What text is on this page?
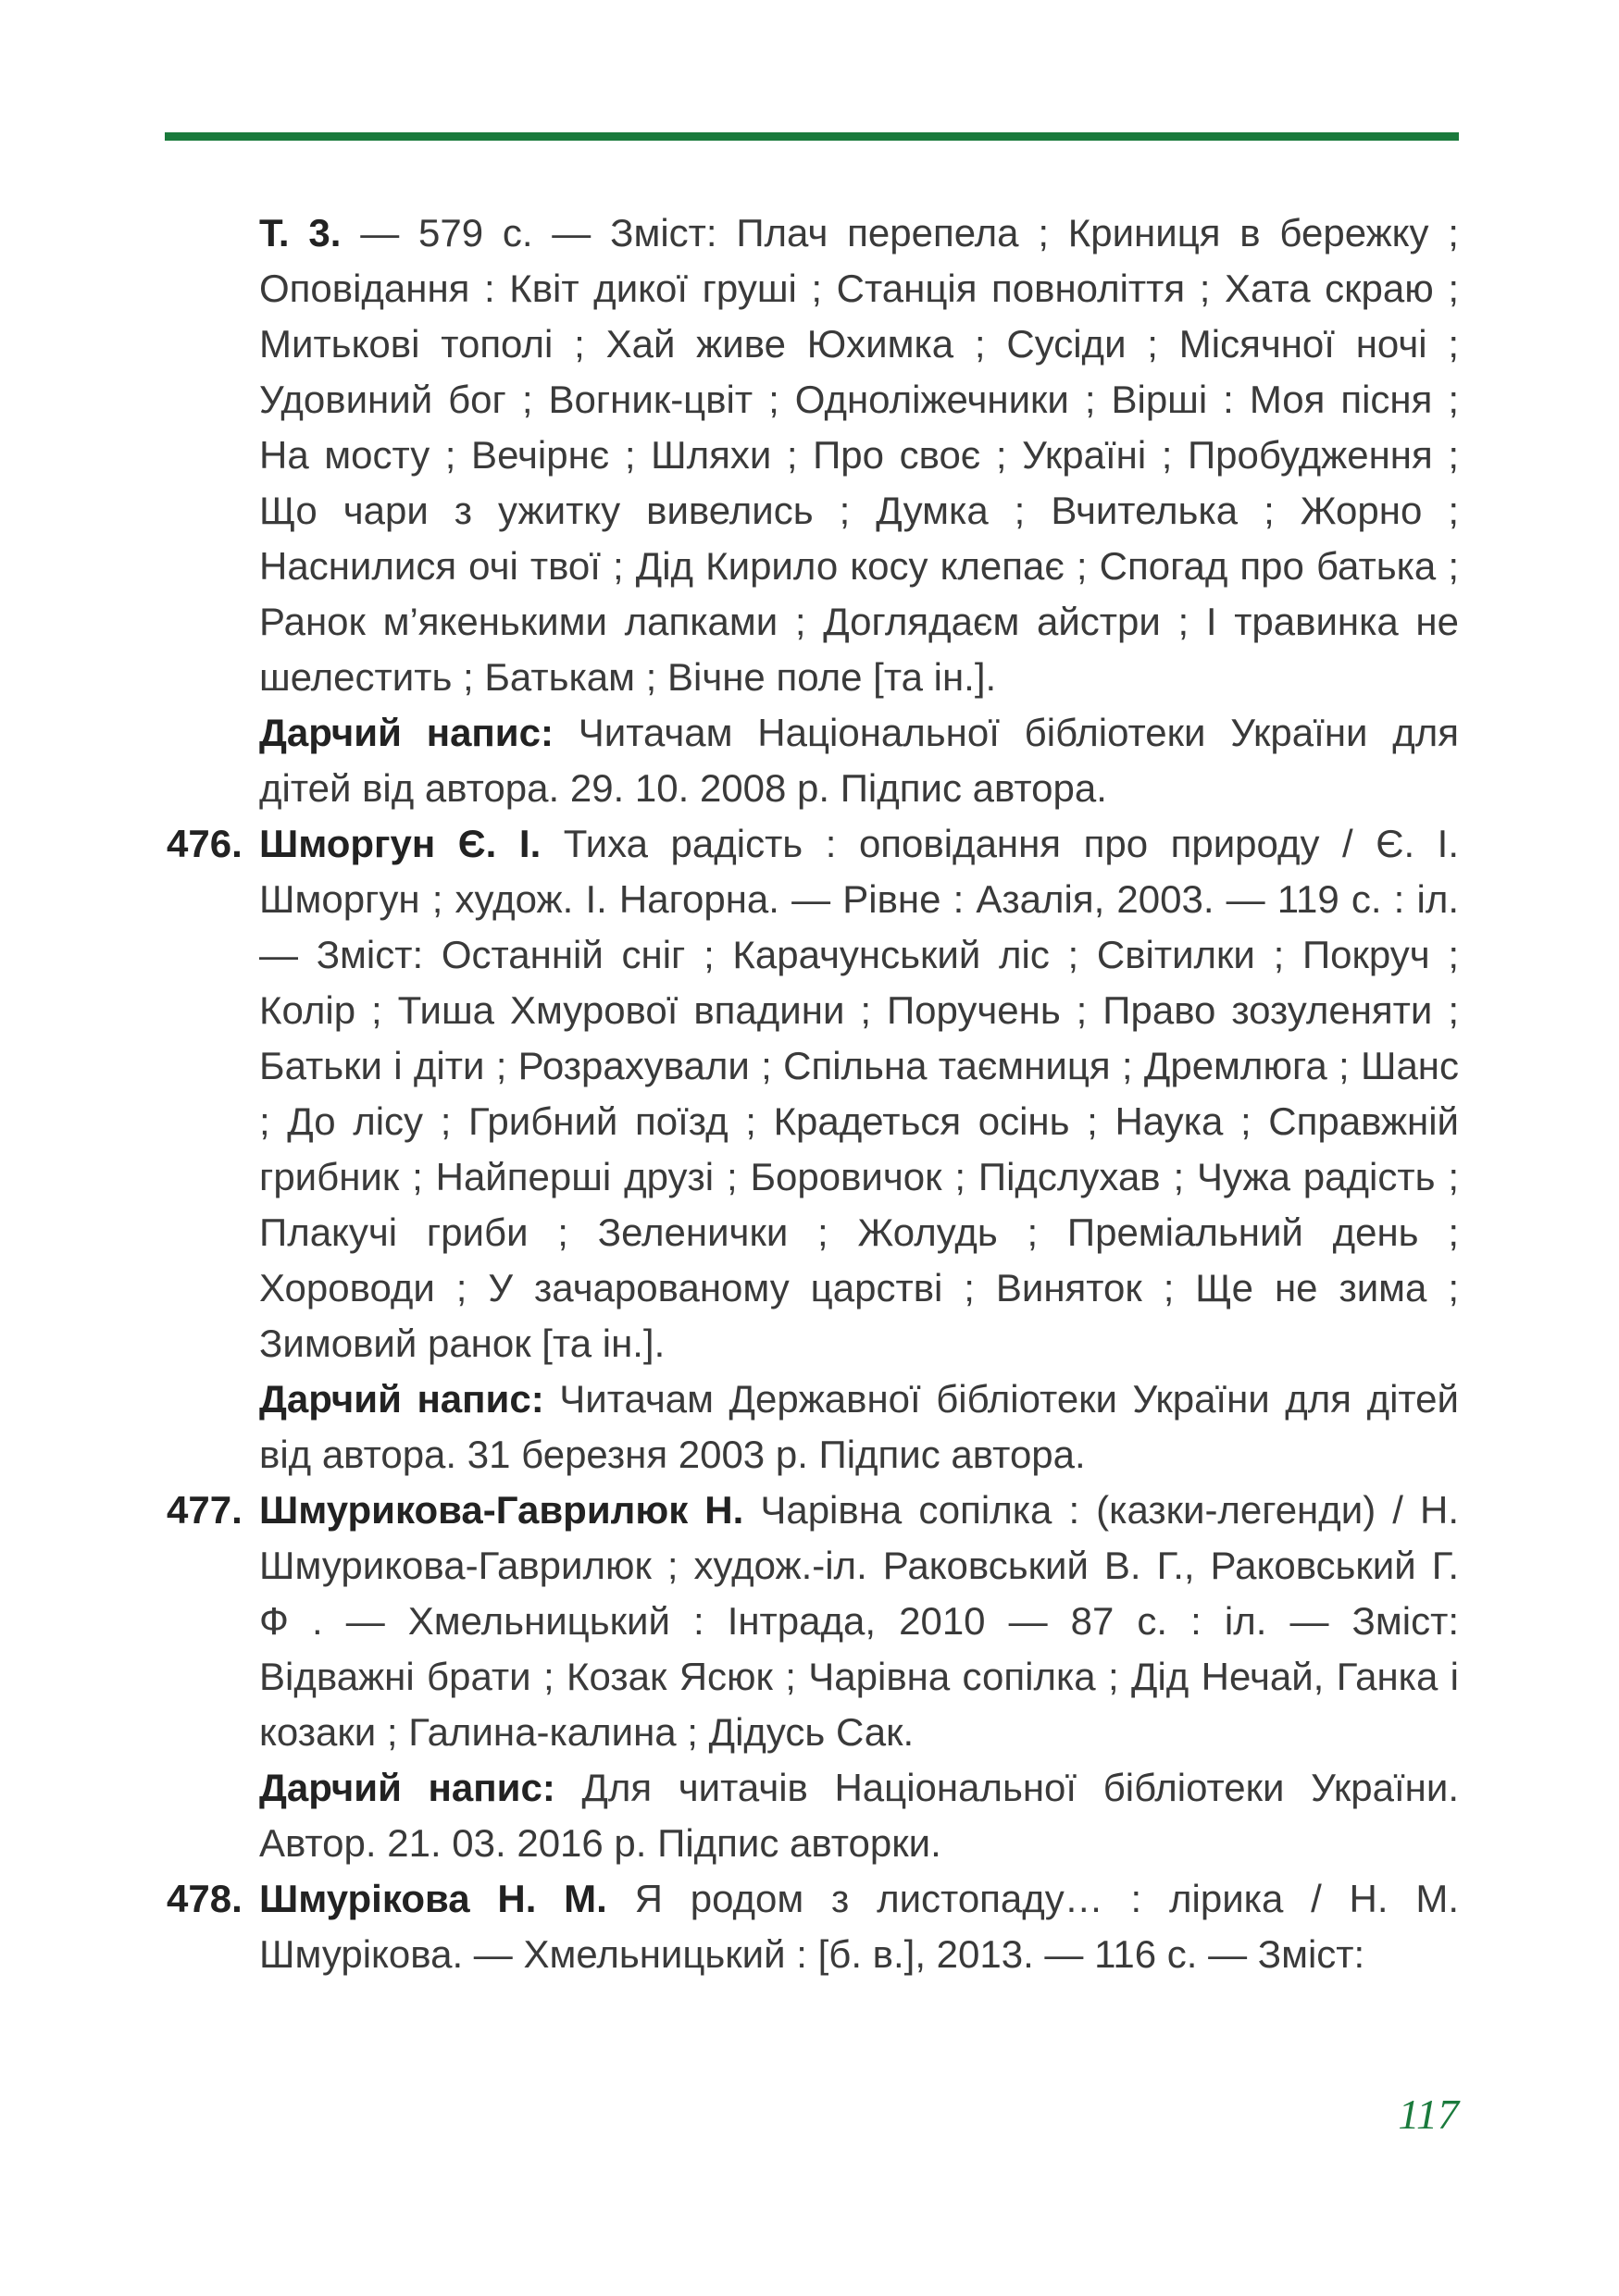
Т. 3. — 579 с. — Зміст: Плач перепела ; Криниця в бережку ; Оповідання : Квіт дикої груші ; Станція повноліття ; Хата скраю ; Митькові тополі ; Хай живе Юхимка ; Сусіди ; Місячної ночі ; Удовиний бог ; Вогник-цвіт ; Одноліжечники ; Вірші : Моя пісня ; На мосту ; Вечірнє ; Шляхи ; Про своє ; Україні ; Пробудження ; Що чари з ужитку вивелись ; Думка ; Вчителька ; Жорно ; Наснилися очі твої ; Дід Кирило косу клепає ; Спогад про батька ; Ранок м’якенькими лапками ; Доглядаєм айстри ; І травинка не шелестить ; Батькам ; Вічне поле [та ін.].

Дарчий напис: Читачам Національної бібліотеки України для дітей від автора. 29. 10. 2008 р. Підпис автора.

476. Шморгун Є. І. Тиха радість : оповідання про природу / Є. І. Шморгун ; худож. І. Нагорна. — Рівне : Азалія, 2003. — 119 с. : іл. — Зміст: Останній сніг ; Карачунський ліс ; Світилки ; Покруч ; Колір ; Тиша Хмурової впадини ; Поручень ; Право зозуленяти ; Батьки і діти ; Розрахували ; Спільна таємниця ; Дремлюга ; Шанс ; До лісу ; Грибний поїзд ; Крадеться осінь ; Наука ; Справжній грибник ; Найперші друзі ; Боровичок ; Підслухав ; Чужа радість ; Плакучі гриби ; Зеленички ; Жолудь ; Преміальний день ; Хороводи ; У зачарованому царстві ; Виняток ; Ще не зима ; Зимовий ранок [та ін.].

Дарчий напис: Читачам Державної бібліотеки України для дітей від автора. 31 березня 2003 р. Підпис автора.

477. Шмурикова-Гаврилюк Н. Чарівна сопілка : (казки-легенди) / Н. Шмурикова-Гаврилюк ; худож.-іл. Раковський В. Г., Раковський Г. Ф . — Хмельницький : Інтрада, 2010 — 87 с. : іл. — Зміст: Відважні брати ; Козак Ясюк ; Чарівна сопілка ; Дід Нечай, Ганка і козаки ; Галина-калина ; Дідусь Сак.

Дарчий напис: Для читачів Національної бібліотеки України. Автор. 21. 03. 2016 р. Підпис авторки.

478. Шмурікова Н. М. Я родом з листопаду… : лірика / Н. М. Шмурікова. — Хмельницький : [б. в.], 2013. — 116 с. — Зміст:

117
